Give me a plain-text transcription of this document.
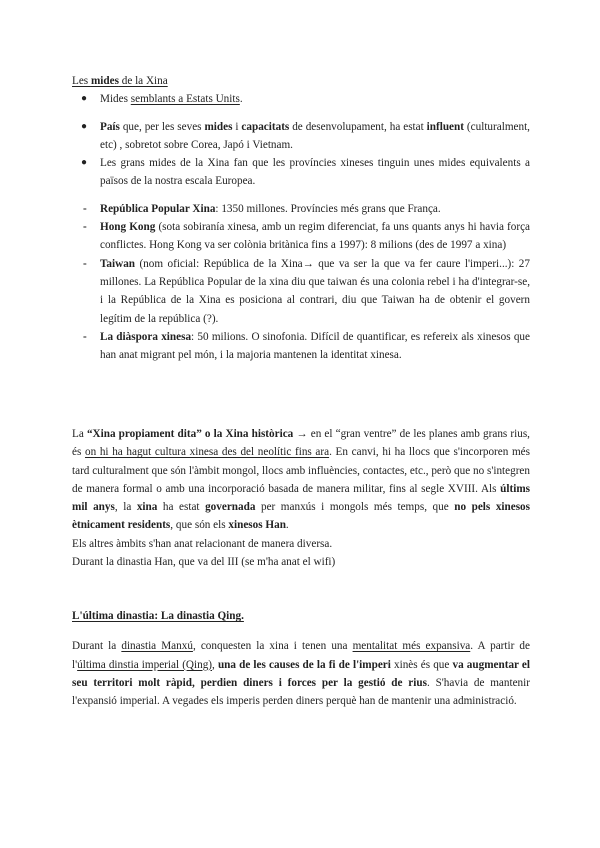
Les mides de la Xina

● Mides semblants a Estats Units.
● País que, per les seves mides i capacitats de desenvolupament, ha estat influent (culturalment, etc) , sobretot sobre Corea, Japó i Vietnam.
● Les grans mides de la Xina fan que les províncies xineses tinguin unes mides equivalents a països de la nostra escala Europea.
- República Popular Xina: 1350 millones. Províncies més grans que França.
- Hong Kong (sota sobiranía xinesa, amb un regim diferenciat, fa uns quants anys hi havia força conflictes. Hong Kong va ser colònia britànica fins a 1997): 8 milions (des de 1997 a xina)
- Taiwan (nom oficial: República de la Xina→ que va ser la que va fer caure l'imperi...): 27 millones. La República Popular de la xina diu que taiwan és una colonia rebel i ha d'integrar-se, i la República de la Xina es posiciona al contrari, diu que Taiwan ha de obtenir el govern legítim de la república (?).
- La diàspora xinesa: 50 milions. O sinofonia. Difícil de quantificar, es refereix als xinesos que han anat migrant pel món, i la majoria mantenen la identitat xinesa.

La “Xina propiament dita” o la Xina històrica → en el “gran ventre” de les planes amb grans rius, és on hi ha hagut cultura xinesa des del neolític fins ara. En canvi, hi ha llocs que s'incorporen més tard culturalment que són l'àmbit mongol, llocs amb influències, contactes, etc., però que no s'integren de manera formal o amb una incorporació basada de manera militar, fins al segle XVIII. Als últims mil anys, la xina ha estat governada per manxús i mongols més temps, que no pels xinesos ètnicament residents, que són els xinesos Han.

Els altres àmbits s'han anat relacionant de manera diversa.

Durant la dinastia Han, que va del III (se m'ha anat el wifi)

L'última dinastia: La dinastia Qing.

Durant la dinastia Manxú, conquesten la xina i tenen una mentalitat més expansiva. A partir de l'última dinstia imperial (Qing), una de les causes de la fi de l'imperi xinès és que va augmentar el seu territori molt ràpid, perdien diners i forces per la gestió de rius. S'havia de mantenir l'expansió imperial. A vegades els imperis perden diners perquè han de mantenir una administració.
